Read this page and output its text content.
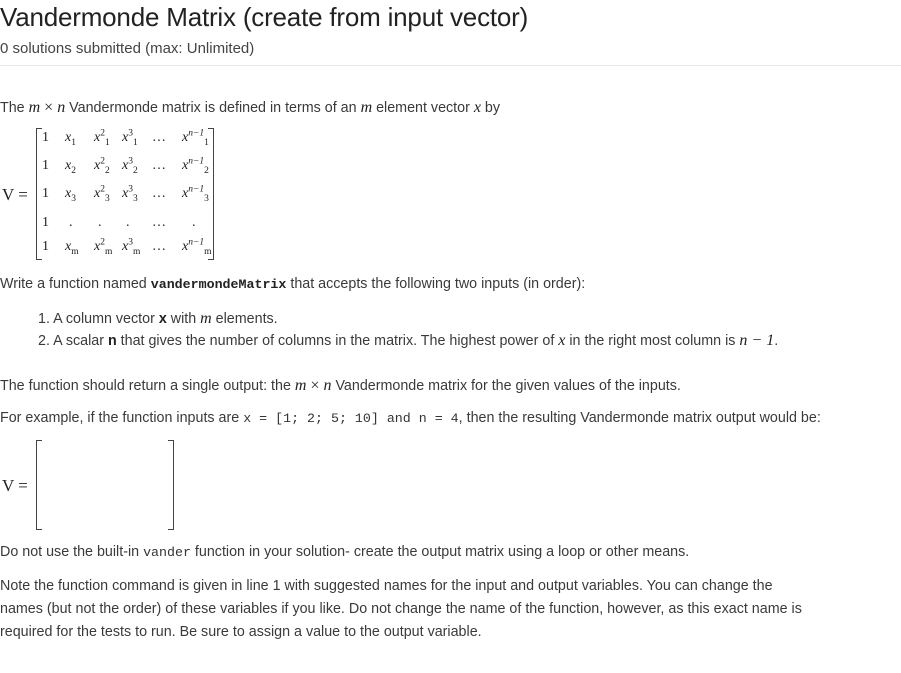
Vandermonde Matrix (create from input vector)
0 solutions submitted (max: Unlimited)
The m × n Vandermonde matrix is defined in terms of an m element vector x by
V =
1 $x_1$ $x^2_1$ $x^3_1$ … $x^{n-1}_1$
1 $x_2$ $x^2_2$ $x^3_2$ … $x^{n-1}_2$
1 $x_3$ $x^2_3$ $x^3_3$ … $x^{n-1}_3$
1 . . . … .
1 $x_m$ $x^2_m$ $x^3_m$ … $x^{n-1}_m$
Write a function named vandermondeMatrix that accepts the following two inputs (in order):
1. A column vector x with m elements.
2. A scalar n that gives the number of columns in the matrix. The highest power of x in the right most column is n − 1.
The function should return a single output: the m × n Vandermonde matrix for the given values of the inputs.
For example, if the function inputs are x = [1; 2; 5; 10] and n = 4, then the resulting Vandermonde matrix output would be:
V =
Do not use the built-in vander function in your solution- create the output matrix using a loop or other means.
Note the function command is given in line 1 with suggested names for the input and output variables. You can change the
names (but not the order) of these variables if you like. Do not change the name of the function, however, as this exact name is
required for the tests to run. Be sure to assign a value to the output variable.
